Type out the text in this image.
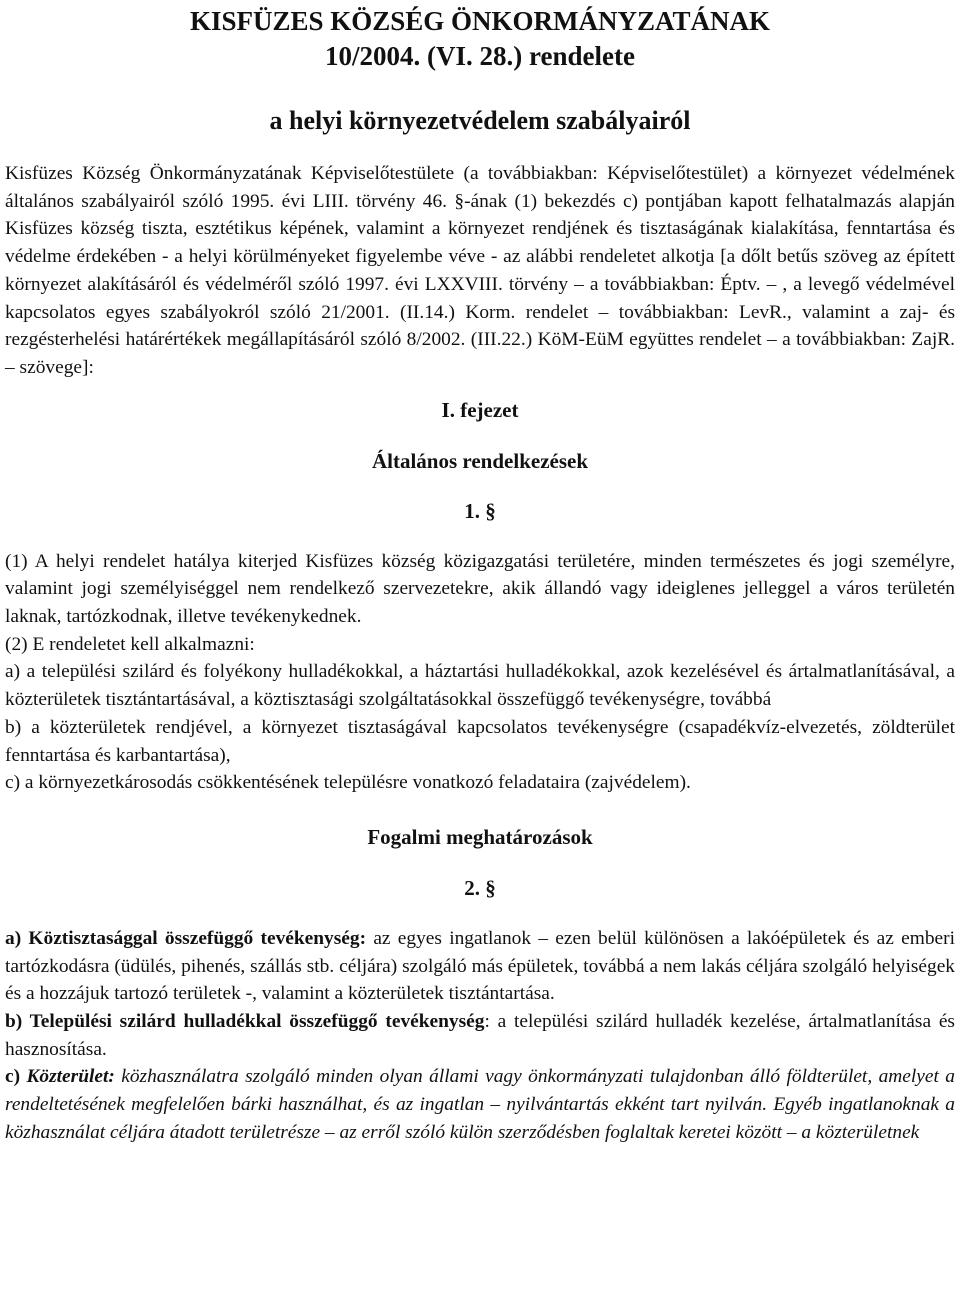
KISFÜZES KÖZSÉG ÖNKORMÁNYZATÁNAK
10/2004. (VI. 28.) rendelete
a helyi környezetvédelem szabályairól

Kisfüzes Község Önkormányzatának Képviselőtestülete (a továbbiakban: Képviselőtestület) a környezet védelmének általános szabályairól szóló 1995. évi LIII. törvény 46. §-ának (1) bekezdés c) pontjában kapott felhatalmazás alapján Kisfüzes község tiszta, esztétikus képének, valamint a környezet rendjének és tisztaságának kialakítása, fenntartása és védelme érdekében - a helyi körülményeket figyelembe véve - az alábbi rendeletet alkotja [a dőlt betűs szöveg az épített környezet alakításáról és védelméről szóló 1997. évi LXXVIII. törvény – a továbbiakban: Éptv. – , a levegő védelmével kapcsolatos egyes szabályokról szóló 21/2001. (II.14.) Korm. rendelet – továbbiakban: LevR., valamint a zaj- és rezgésterhelési határértékek megállapításáról szóló 8/2002. (III.22.) KöM-EüM együttes rendelet – a továbbiakban: ZajR. – szövege]:

I. fejezet
Általános rendelkezések
1. §

(1) A helyi rendelet hatálya kiterjed Kisfüzes község közigazgatási területére, minden természetes és jogi személyre, valamint jogi személyiséggel nem rendelkező szervezetekre, akik állandó vagy ideiglenes jelleggel a város területén laknak, tartózkodnak, illetve tevékenykednek.

(2) E rendeletet kell alkalmazni:

a) a települési szilárd és folyékony hulladékokkal, a háztartási hulladékokkal, azok kezelésével és ártalmatlanításával, a közterületek tisztántartásával, a köztisztasági szolgáltatásokkal összefüggő tevékenységre, továbbá

b) a közterületek rendjével, a környezet tisztaságával kapcsolatos tevékenységre (csapadékvíz-elvezetés, zöldterület fenntartása és karbantartása),

c) a környezetkárosodás csökkentésének településre vonatkozó feladataira (zajvédelem).

Fogalmi meghatározások
2. §

a) Köztisztasággal összefüggő tevékenység: az egyes ingatlanok – ezen belül különösen a lakóépületek és az emberi tartózkodásra (üdülés, pihenés, szállás stb. céljára) szolgáló más épületek, továbbá a nem lakás céljára szolgáló helyiségek és a hozzájuk tartozó területek -, valamint a közterületek tisztántartása.

b) Települési szilárd hulladékkal összefüggő tevékenység: a települési szilárd hulladék kezelése, ártalmatlanítása és hasznosítása.

c) Közterület: közhasználatra szolgáló minden olyan állami vagy önkormányzati tulajdonban álló földterület, amelyet a rendeltetésének megfelelően bárki használhat, és az ingatlan – nyilvántartás ekként tart nyilván. Egyéb ingatlanoknak a közhasználat céljára átadott területrésze – az erről szóló külön szerződésben foglaltak keretei között – a közterületnek
